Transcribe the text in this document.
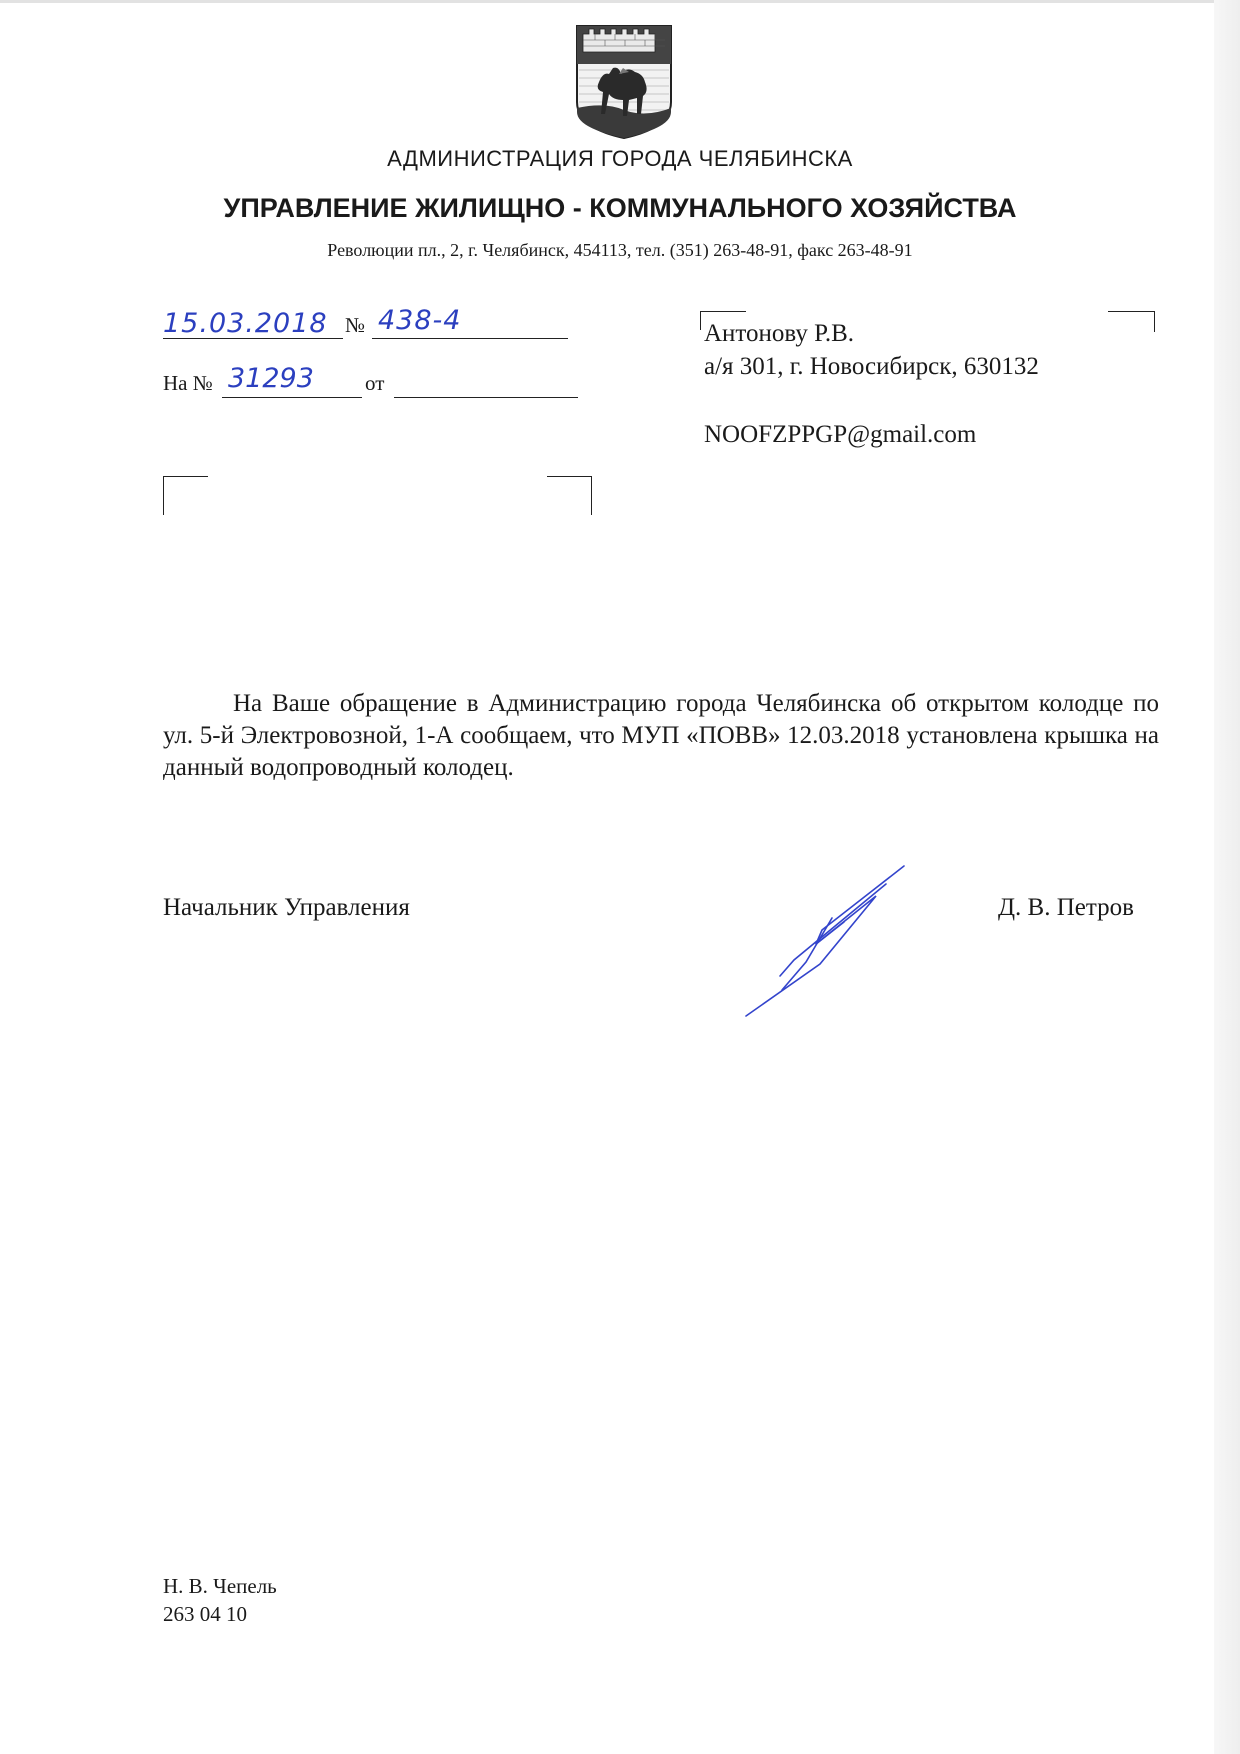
АДМИНИСТРАЦИЯ ГОРОДА ЧЕЛЯБИНСКА
УПРАВЛЕНИЕ ЖИЛИЩНО - КОММУНАЛЬНОГО ХОЗЯЙСТВА
Революции пл., 2, г. Челябинск, 454113, тел. (351) 263-48-91, факс 263-48-91
15.03.2018 № 438-4
На № 31293 от
Антонову Р.В.
а/я 301, г. Новосибирск, 630132
NOOFZPPGP@gmail.com
На Ваше обращение в Администрацию города Челябинска об открытом колодце по ул. 5-й Электровозной, 1-А сообщаем, что МУП «ПОВВ» 12.03.2018 установлена крышка на данный водопроводный колодец.
Начальник Управления	Д. В. Петров
Н. В. Чепель
263 04 10
